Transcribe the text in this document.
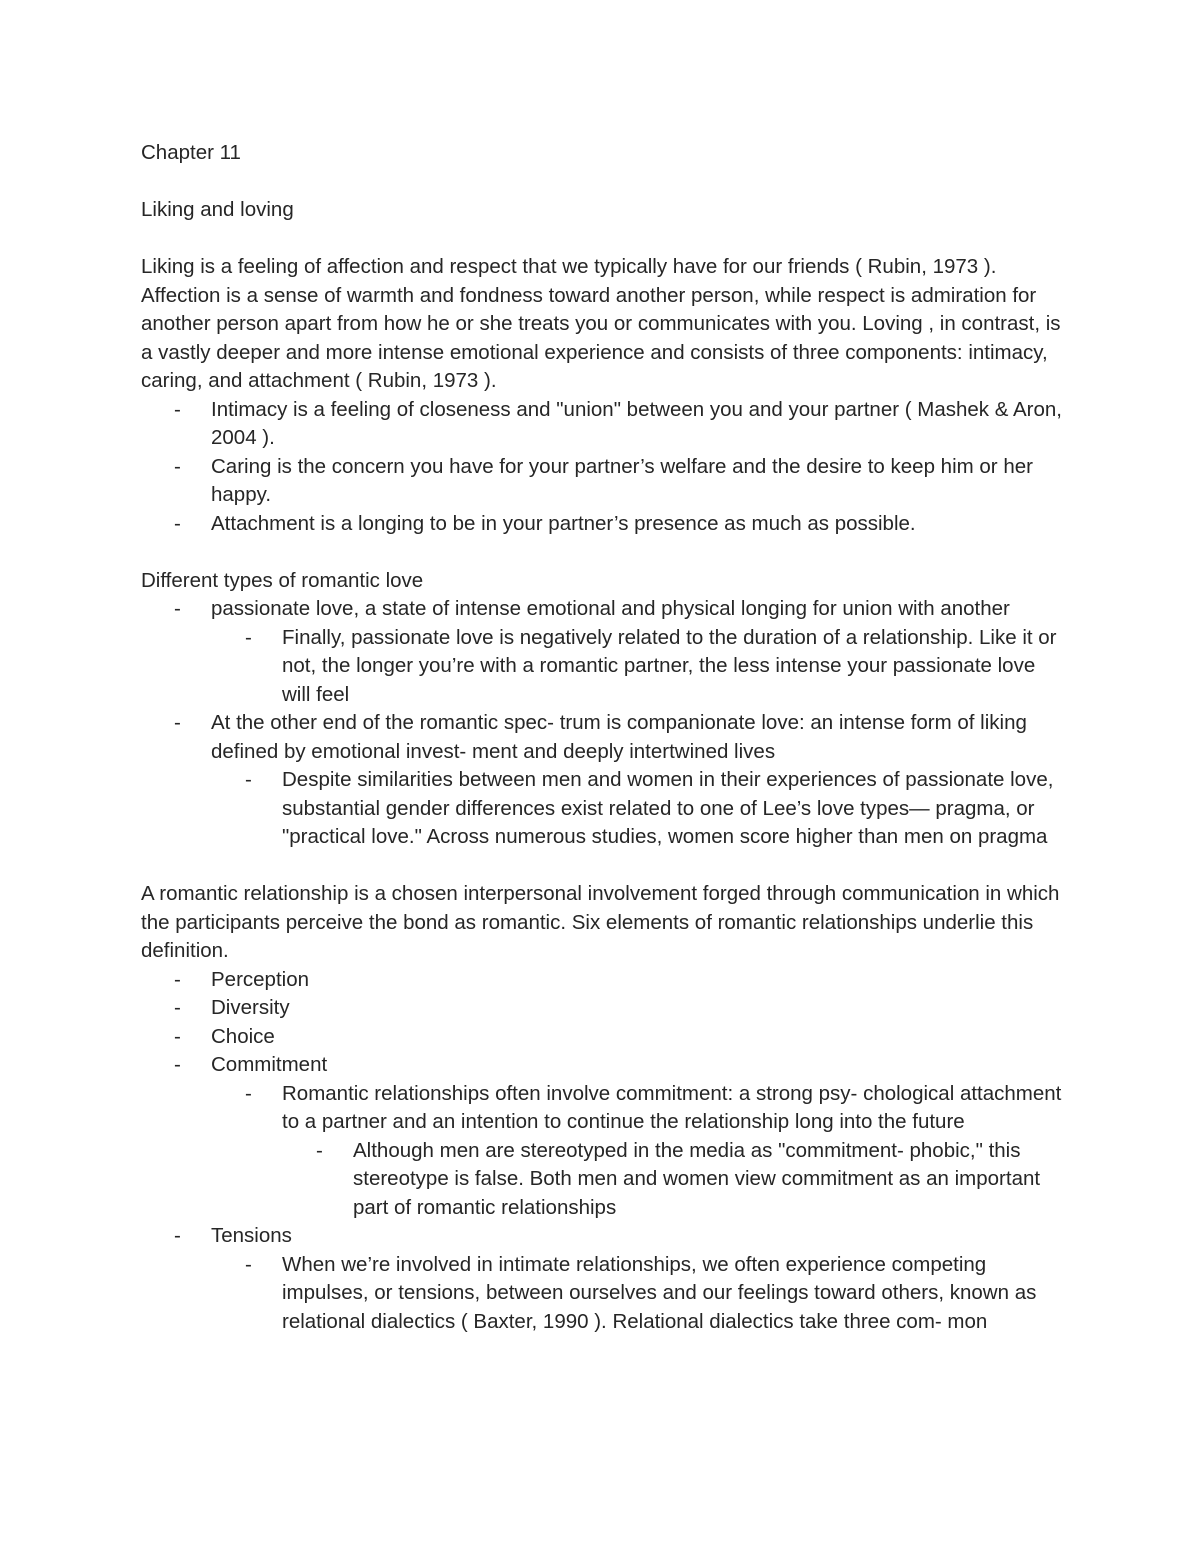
Chapter 11

Liking and loving

Liking is a feeling of affection and respect that we typically have for our friends ( Rubin, 1973 ). Affection is a sense of warmth and fondness toward another person, while respect is admiration for another person apart from how he or she treats you or communicates with you. Loving , in contrast, is a vastly deeper and more intense emotional experience and consists of three components: intimacy, caring, and attachment ( Rubin, 1973 ).

- Intimacy is a feeling of closeness and "union" between you and your partner ( Mashek & Aron, 2004 ).
- Caring is the concern you have for your partner’s welfare and the desire to keep him or her happy.
- Attachment is a longing to be in your partner’s presence as much as possible.

Different types of romantic love

- passionate love, a state of intense emotional and physical longing for union with another
- Finally, passionate love is negatively related to the duration of a relationship. Like it or not, the longer you’re with a romantic partner, the less intense your passionate love will feel
- At the other end of the romantic spec- trum is companionate love: an intense form of liking defined by emotional invest- ment and deeply intertwined lives
- Despite similarities between men and women in their experiences of passionate love, substantial gender differences exist related to one of Lee’s love types— pragma, or "practical love." Across numerous studies, women score higher than men on pragma

A romantic relationship is a chosen interpersonal involvement forged through communication in which the participants perceive the bond as romantic. Six elements of romantic relationships underlie this definition.

- Perception
- Diversity
- Choice
- Commitment
- Romantic relationships often involve commitment: a strong psy- chological attachment to a partner and an intention to continue the relationship long into the future
- Although men are stereotyped in the media as "commitment- phobic," this stereotype is false. Both men and women view commitment as an important part of romantic relationships
- Tensions
- When we’re involved in intimate relationships, we often experience competing impulses, or tensions, between ourselves and our feelings toward others, known as relational dialectics ( Baxter, 1990 ). Relational dialectics take three com- mon
